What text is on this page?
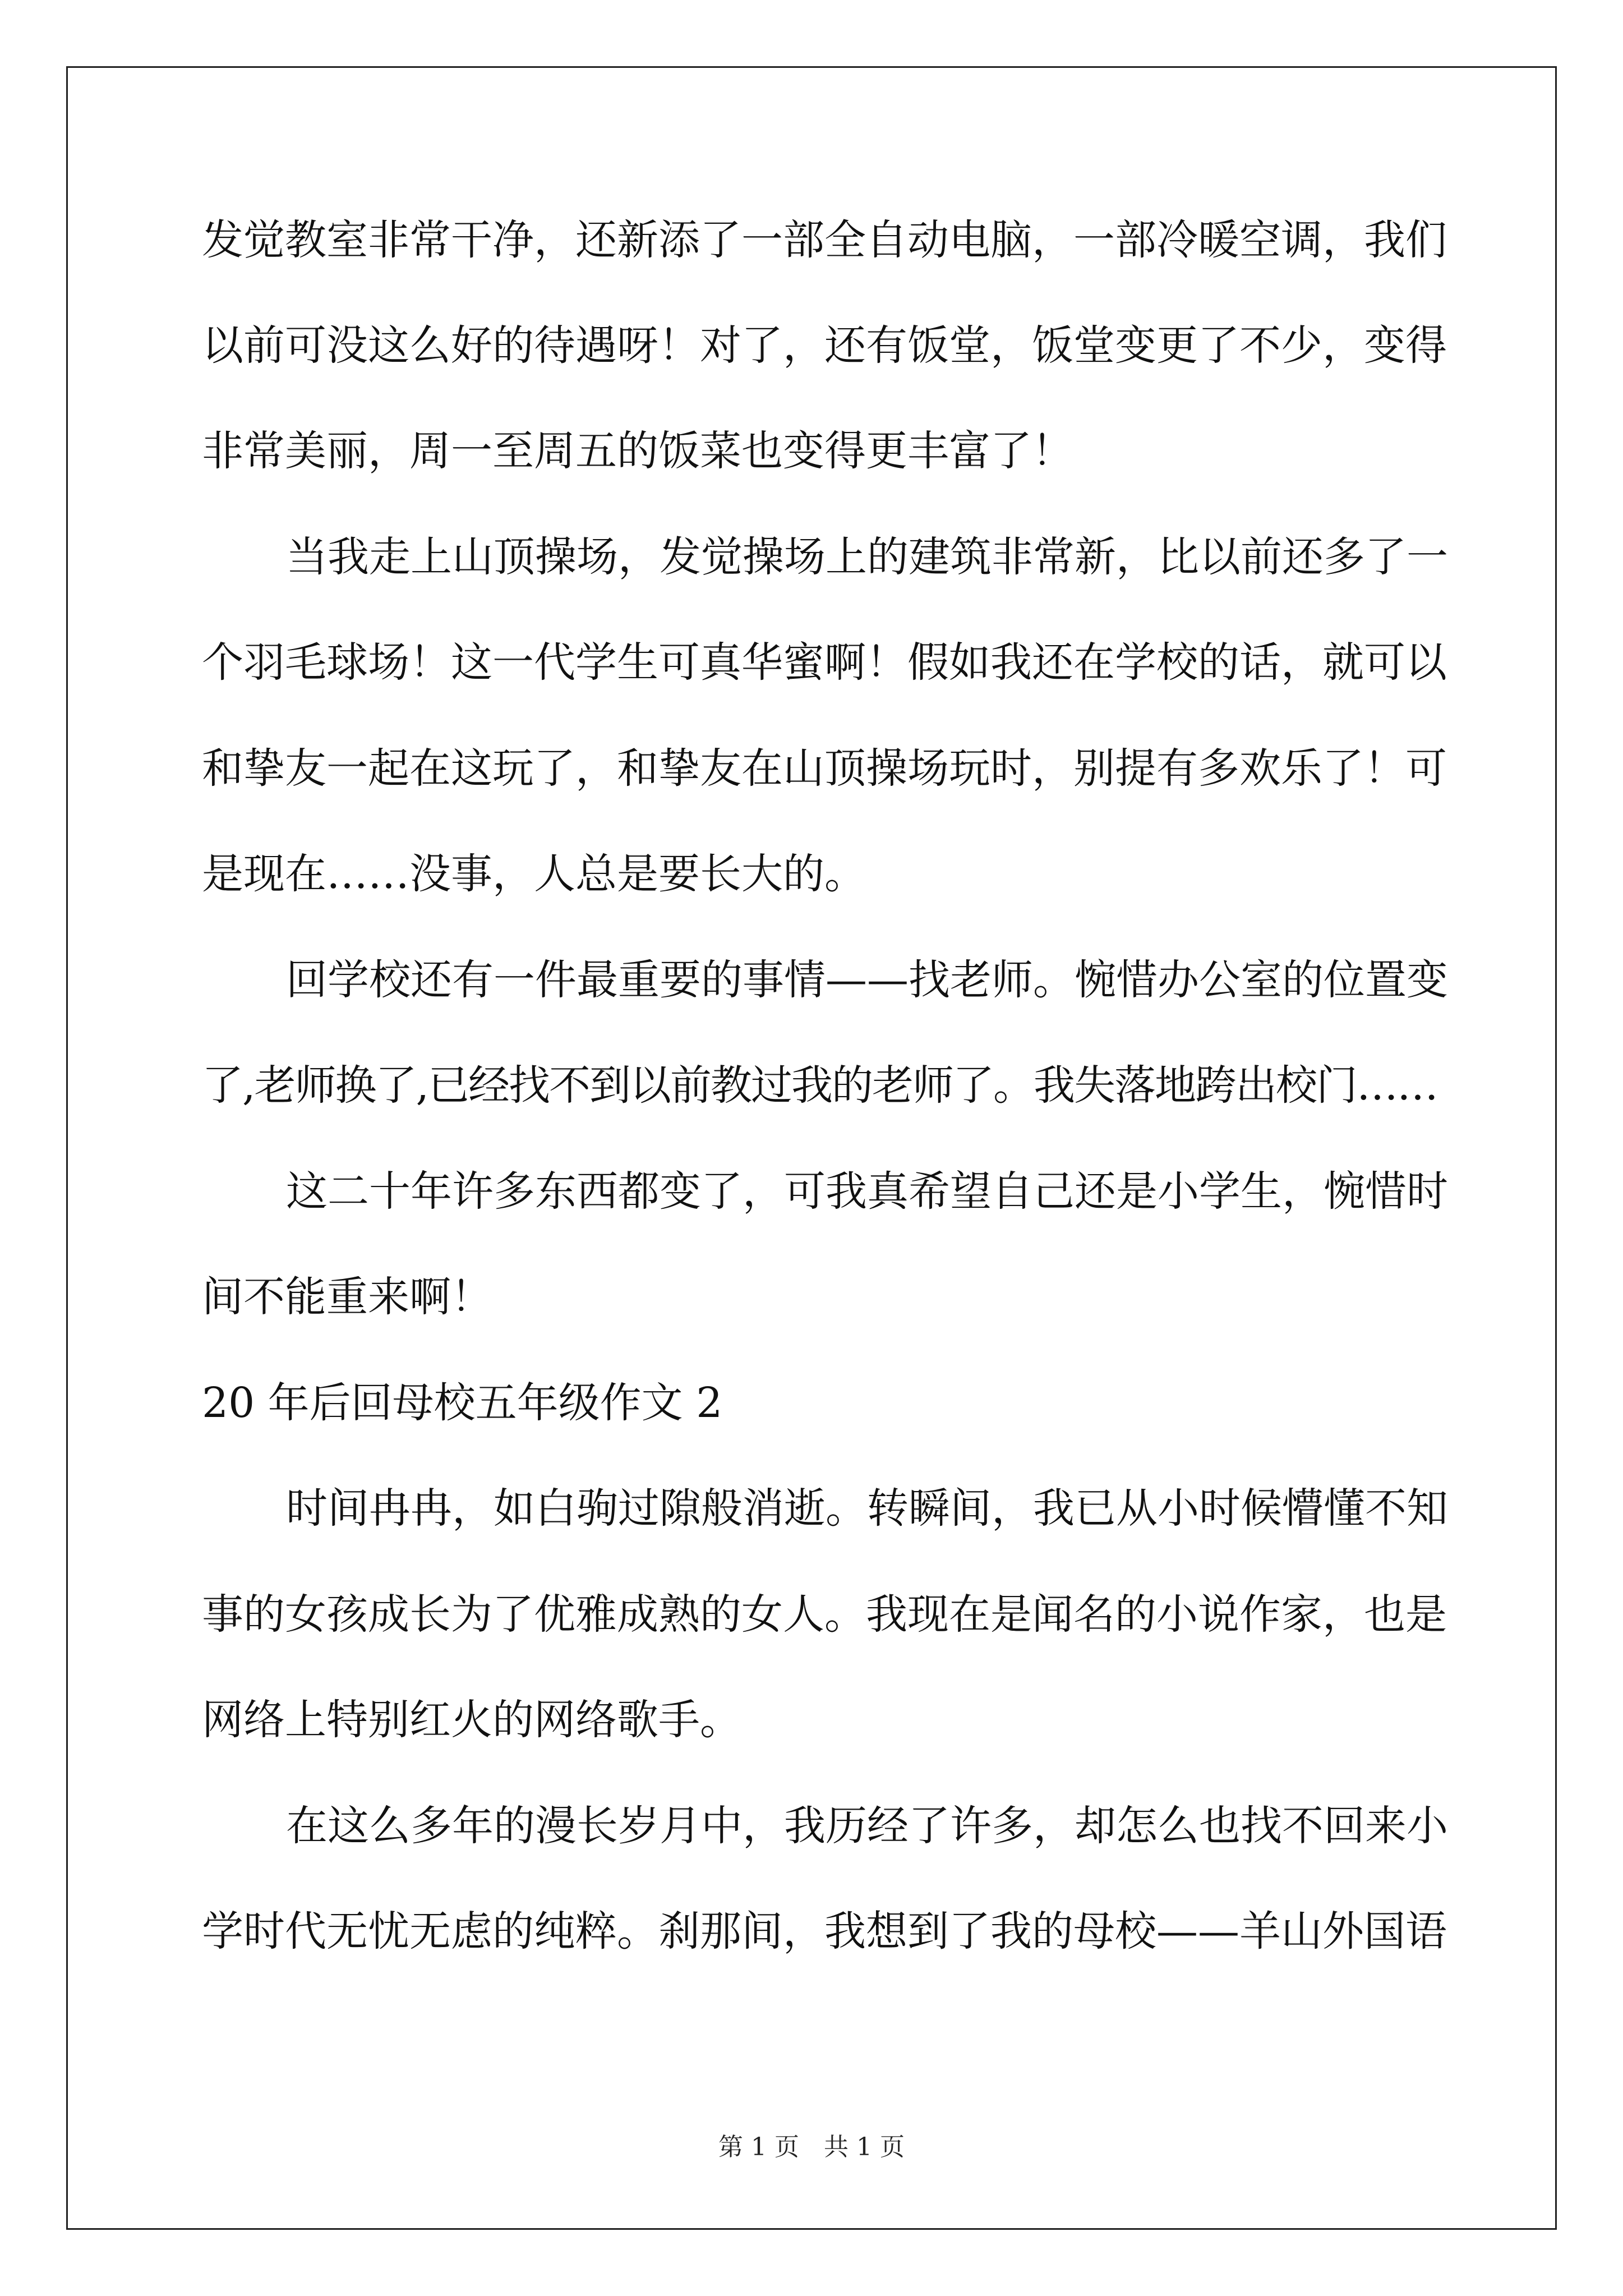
发觉教室非常干净，还新添了一部全自动电脑，一部冷暖空调，我们
以前可没这么好的待遇呀！对了，还有饭堂，饭堂变更了不少，变得
非常美丽，周一至周五的饭菜也变得更丰富了！
当我走上山顶操场，发觉操场上的建筑非常新，比以前还多了一
个羽毛球场！这一代学生可真华蜜啊！假如我还在学校的话，就可以
和挚友一起在这玩了，和挚友在山顶操场玩时，别提有多欢乐了！可
是现在……没事，人总是要长大的。
回学校还有一件最重要的事情——找老师。惋惜办公室的位置变
了,老师换了,已经找不到以前教过我的老师了。我失落地跨出校门……
这二十年许多东西都变了，可我真希望自己还是小学生，惋惜时
间不能重来啊！
20 年后回母校五年级作文 2
时间冉冉，如白驹过隙般消逝。转瞬间，我已从小时候懵懂不知
事的女孩成长为了优雅成熟的女人。我现在是闻名的小说作家，也是
网络上特别红火的网络歌手。
在这么多年的漫长岁月中，我历经了许多，却怎么也找不回来小
学时代无忧无虑的纯粹。刹那间，我想到了我的母校——羊山外国语
第 1 页　共 1 页
